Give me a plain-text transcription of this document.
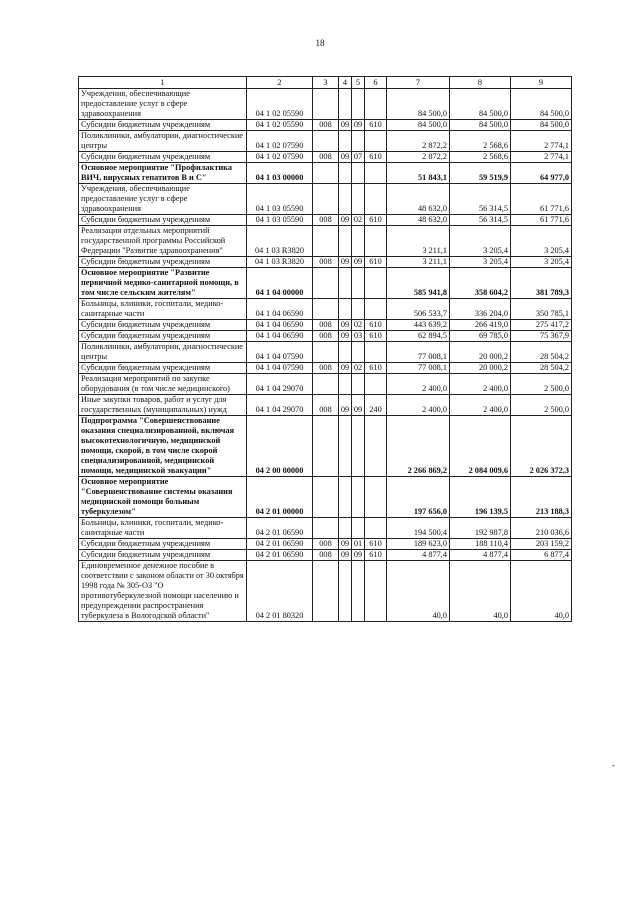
18
1	2	3	4	5	6	7	8	9
Учреждения, обеспечивающие предоставление услуг в сфере здравоохранения	04 1 02 05590					84 500,0	84 500,0	84 500,0
Субсидии бюджетным учреждениям	04 1 02 05590	008	09	09	610	84 500,0	84 500,0	84 500,0
Поликлиники, амбулатории, диагностические центры	04 1 02 07590					2 872,2	2 568,6	2 774,1
Субсидии бюджетным учреждениям	04 1 02 07590	008	09	07	610	2 872,2	2 568,6	2 774,1
Основное мероприятие "Профилактика ВИЧ, вирусных гепатитов В и С"	04 1 03 00000					51 843,1	59 519,9	64 977,0
Учреждения, обеспечивающие предоставление услуг в сфере здравоохранения	04 1 03 05590					48 632,0	56 314,5	61 771,6
Субсидии бюджетным учреждениям	04 1 03 05590	008	09	02	610	48 632,0	56 314,5	61 771,6
Реализация отдельных мероприятий государственной программы Российской Федерации "Развитие здравоохранения"	04 1 03 R3820					3 211,1	3 205,4	3 205,4
Субсидии бюджетным учреждениям	04 1 03 R3820	008	09	09	610	3 211,1	3 205,4	3 205,4
Основное мероприятие "Развитие первичной медико-санитарной помощи, в том числе сельским жителям"	04 1 04 00000					585 941,8	358 604,2	381 789,3
Больницы, клиники, госпитали, медико-санитарные части	04 1 04 06590					506 533,7	336 204,0	350 785,1
Субсидии бюджетным учреждениям	04 1 04 06590	008	09	02	610	443 639,2	266 419,0	275 417,2
Субсидии бюджетным учреждениям	04 1 04 06590	008	09	03	610	62 894,5	69 785,0	75 367,9
Поликлиники, амбулатории, диагностические центры	04 1 04 07590					77 008,1	20 000,2	28 504,2
Субсидии бюджетным учреждениям	04 1 04 07590	008	09	02	610	77 008,1	20 000,2	28 504,2
Реализация мероприятий по закупке оборудования (в том числе медицинского)	04 1 04 29070					2 400,0	2 400,0	2 500,0
Иные закупки товаров, работ и услуг для государственных (муниципальных) нужд	04 1 04 29070	008	09	09	240	2 400,0	2 400,0	2 500,0
Подпрограмма "Совершенствование оказания специализированной, включая высокотехнологичную, медицинской помощи, скорой, в том числе скорой специализированной, медицинской помощи, медицинской эвакуации"	04 2 00 00000					2 266 869,2	2 084 009,6	2 026 372,3
Основное мероприятие "Совершенствование системы оказания медицинской помощи больным туберкулезом"	04 2 01 00000					197 656,0	196 139,5	213 188,3
Больницы, клиники, госпитали, медико-санитарные части	04 2 01 06590					194 500,4	192 987,8	210 036,6
Субсидии бюджетным учреждениям	04 2 01 06590	008	09	01	610	189 623,0	188 110,4	203 159,2
Субсидии бюджетным учреждениям	04 2 01 06590	008	09	09	610	4 877,4	4 877,4	6 877,4
Единовременное денежное пособие в соответствии с законом области от 30 октября 1998 года № 305-ОЗ "О противотуберкулезной помощи населению и предупреждении распространения туберкулеза в Вологодской области"	04 2 01 80320					40,0	40,0	40,0
-
